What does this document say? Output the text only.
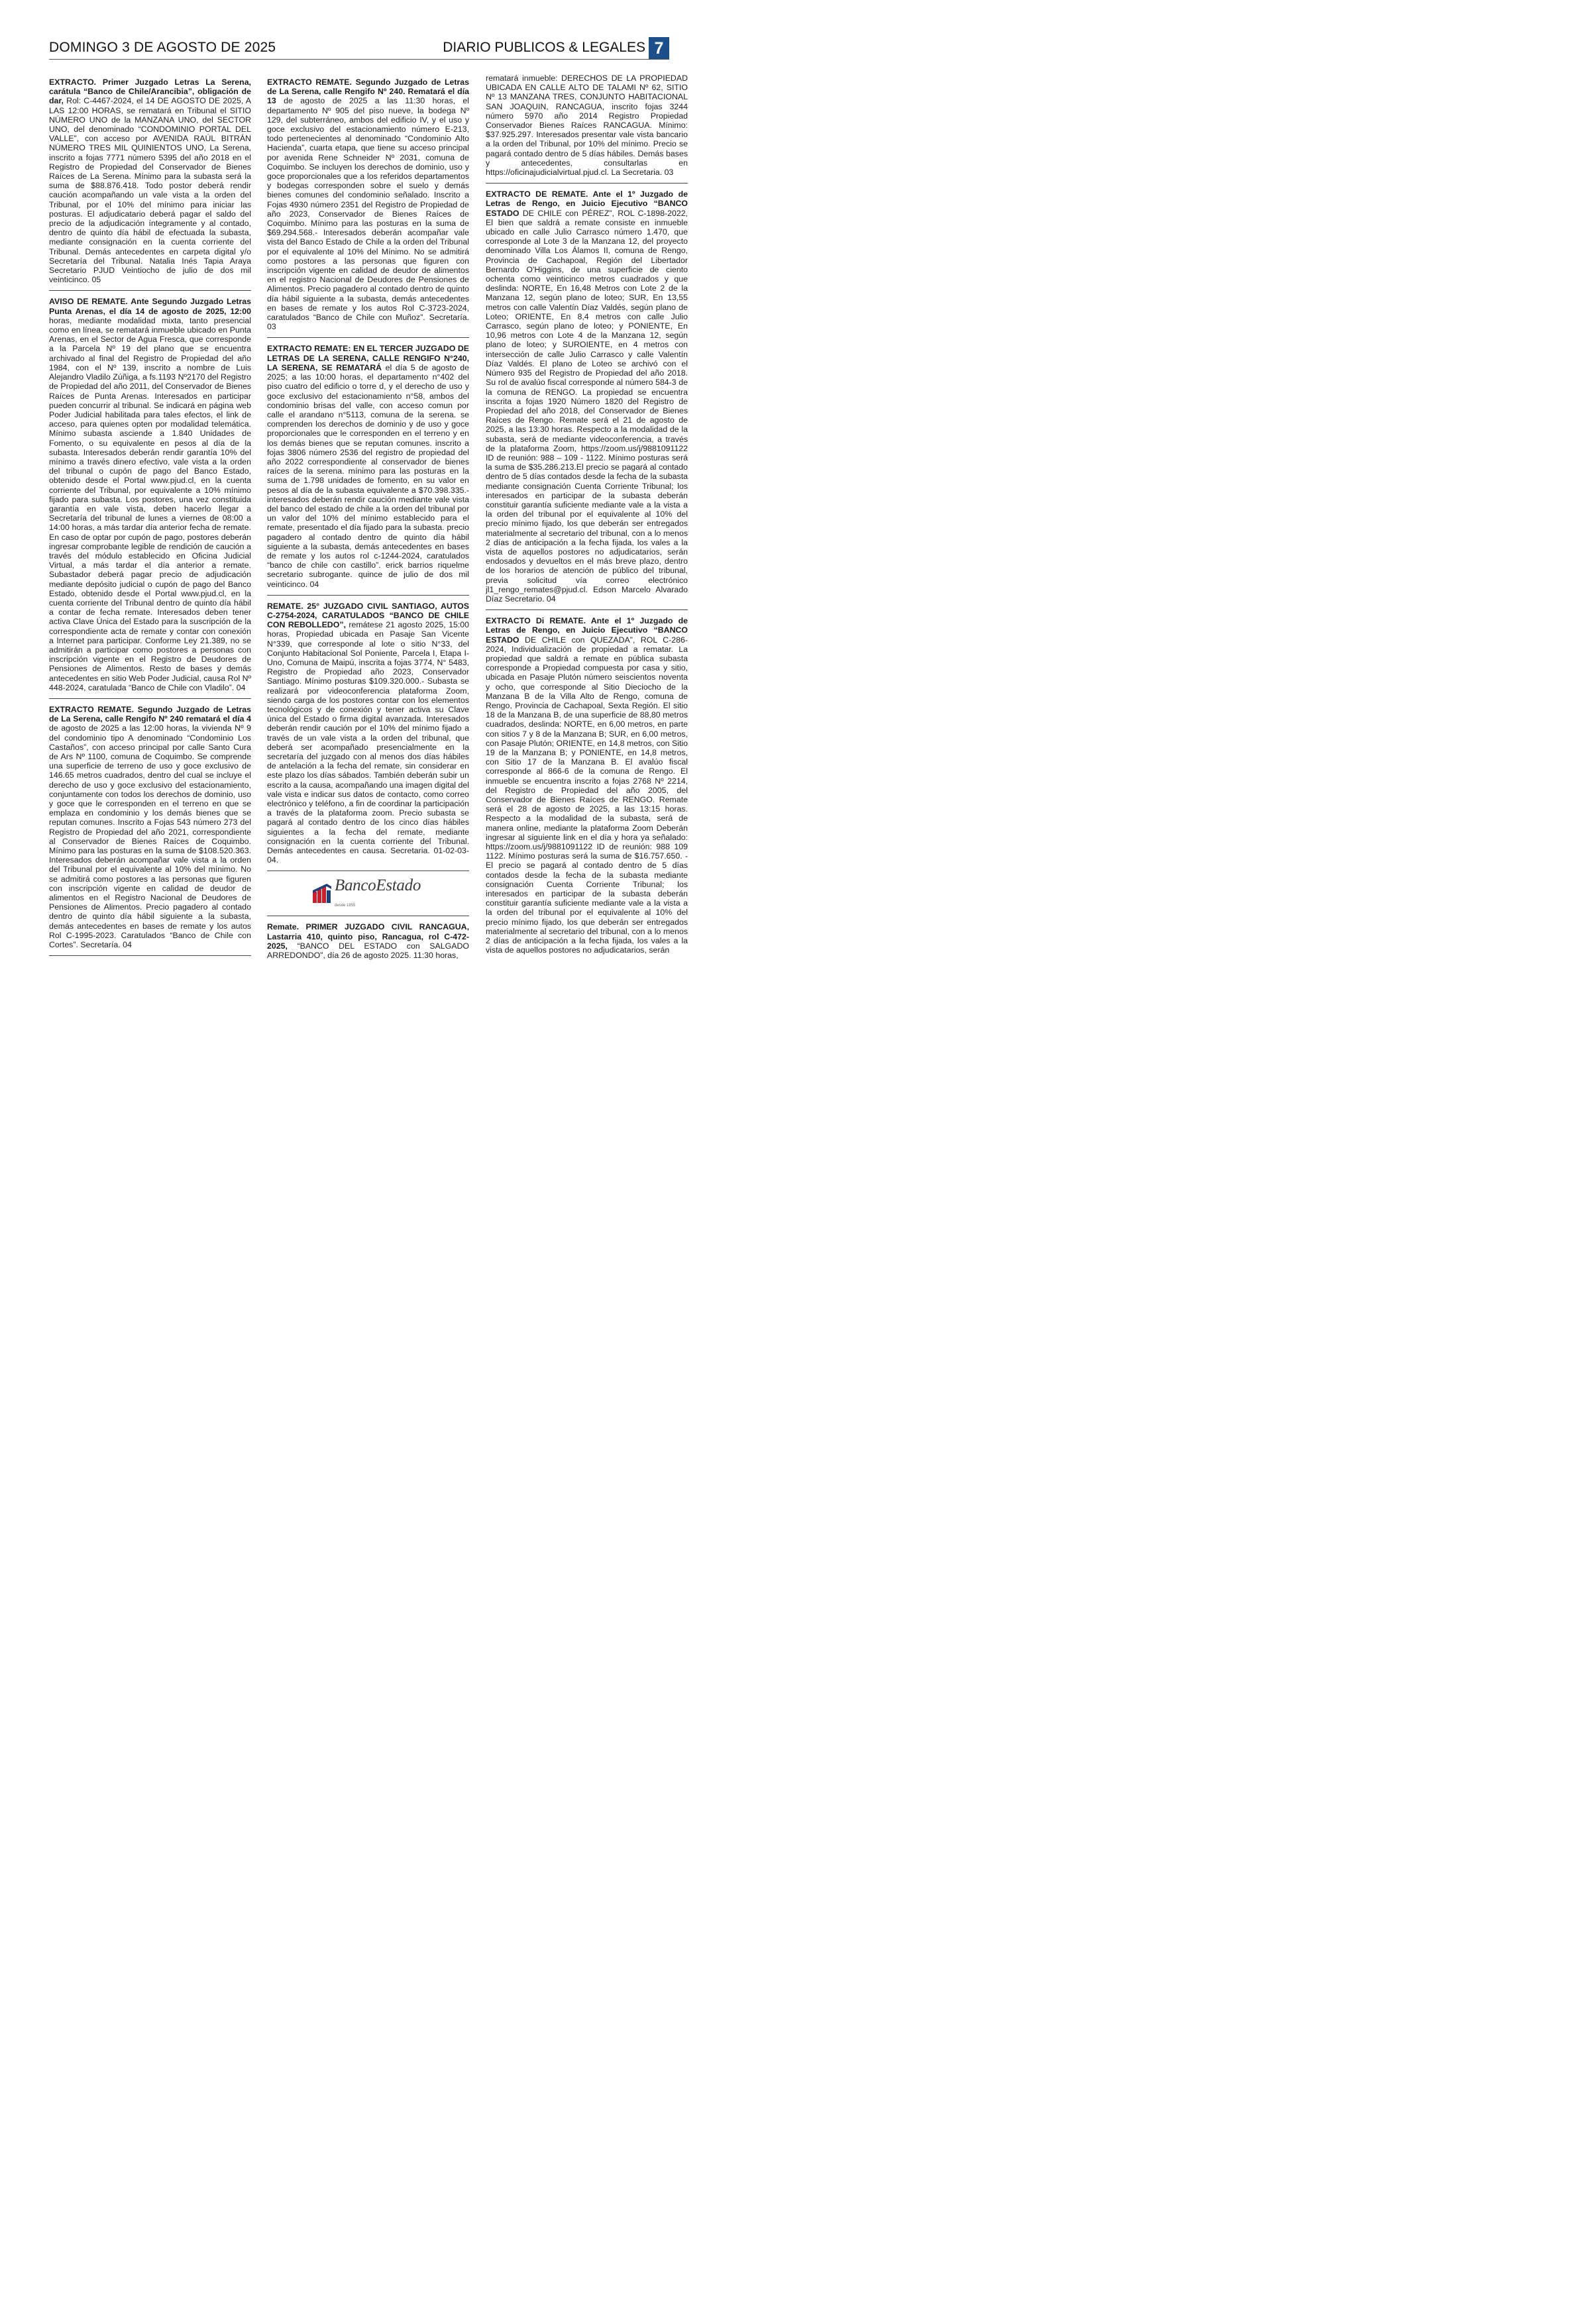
DOMINGO 3 DE AGOSTO DE 2025	DIARIO PUBLICOS & LEGALES 7

EXTRACTO. Primer Juzgado Letras La Serena, carátula “Banco de Chile/Arancibia”, obligación de dar, Rol: C-4467-2024, el 14 DE AGOSTO DE 2025, A LAS 12:00 HORAS, se rematará en Tribunal el SITIO NÚMERO UNO de la MANZANA UNO, del SECTOR UNO, del denominado “CONDOMINIO PORTAL DEL VALLE”, con acceso por AVENIDA RAÚL BITRÁN NÚMERO TRES MIL QUINIENTOS UNO, La Serena, inscrito a fojas 7771 número 5395 del año 2018 en el Registro de Propiedad del Conservador de Bienes Raíces de La Serena. Mínimo para la subasta será la suma de $88.876.418. Todo postor deberá rendir caución acompañando un vale vista a la orden del Tribunal, por el 10% del mínimo para iniciar las posturas. El adjudicatario deberá pagar el saldo del precio de la adjudicación íntegramente y al contado, dentro de quinto día hábil de efectuada la subasta, mediante consignación en la cuenta corriente del Tribunal. Demás antecedentes en carpeta digital y/o Secretaría del Tribunal. Natalia Inés Tapia Araya Secretario PJUD Veintiocho de julio de dos mil veinticinco. 05

AVISO DE REMATE. Ante Segundo Juzgado Letras Punta Arenas, el día 14 de agosto de 2025, 12:00 horas, mediante modalidad mixta, tanto presencial como en línea, se rematará inmueble ubicado en Punta Arenas, en el Sector de Agua Fresca, que corresponde a la Parcela Nº 19 del plano que se encuentra archivado al final del Registro de Propiedad del año 1984, con el Nº 139, inscrito a nombre de Luis Alejandro Vladilo Zúñiga, a fs.1193 Nº2170 del Registro de Propiedad del año 2011, del Conservador de Bienes Raíces de Punta Arenas. Interesados en participar pueden concurrir al tribunal. Se indicará en página web Poder Judicial habilitada para tales efectos, el link de acceso, para quienes opten por modalidad telemática. Mínimo subasta asciende a 1.840 Unidades de Fomento, o su equivalente en pesos al día de la subasta. Interesados deberán rendir garantía 10% del mínimo a través dinero efectivo, vale vista a la orden del tribunal o cupón de pago del Banco Estado, obtenido desde el Portal www.pjud.cl, en la cuenta corriente del Tribunal, por equivalente a 10% mínimo fijado para subasta. Los postores, una vez constituida garantía en vale vista, deben hacerlo llegar a Secretaría del tribunal de lunes a viernes de 08:00 a 14:00 horas, a más tardar día anterior fecha de remate. En caso de optar por cupón de pago, postores deberán ingresar comprobante legible de rendición de caución a través del módulo establecido en Oficina Judicial Virtual, a más tardar el día anterior a remate. Subastador deberá pagar precio de adjudicación mediante depósito judicial o cupón de pago del Banco Estado, obtenido desde el Portal www.pjud.cl, en la cuenta corriente del Tribunal dentro de quinto día hábil a contar de fecha remate. Interesados deben tener activa Clave Única del Estado para la suscripción de la correspondiente acta de remate y contar con conexión a Internet para participar. Conforme Ley 21.389, no se admitirán a participar como postores a personas con inscripción vigente en el Registro de Deudores de Pensiones de Alimentos. Resto de bases y demás antecedentes en sitio Web Poder Judicial, causa Rol Nº 448-2024, caratulada “Banco de Chile con Vladilo”. 04

EXTRACTO REMATE. Segundo Juzgado de Letras de La Serena, calle Rengifo Nº 240 rematará el día 4 de agosto de 2025 a las 12:00 horas, la vivienda Nº 9 del condominio tipo A denominado “Condominio Los Castaños”, con acceso principal por calle Santo Cura de Ars Nº 1100, comuna de Coquimbo. Se comprende una superficie de terreno de uso y goce exclusivo de 146.65 metros cuadrados, dentro del cual se incluye el derecho de uso y goce exclusivo del estacionamiento, conjuntamente con todos los derechos de dominio, uso y goce que le corresponden en el terreno en que se emplaza en condominio y los demás bienes que se reputan comunes. Inscrito a Fojas 543 número 273 del Registro de Propiedad del año 2021, correspondiente al Conservador de Bienes Raíces de Coquimbo. Mínimo para las posturas en la suma de $108.520.363. Interesados deberán acompañar vale vista a la orden del Tribunal por el equivalente al 10% del mínimo. No se admitirá como postores a las personas que figuren con inscripción vigente en calidad de deudor de alimentos en el Registro Nacional de Deudores de Pensiones de Alimentos. Precio pagadero al contado dentro de quinto día hábil siguiente a la subasta, demás antecedentes en bases de remate y los autos Rol C-1995-2023. Caratulados “Banco de Chile con Cortes”. Secretaría. 04

EXTRACTO REMATE. Segundo Juzgado de Letras de La Serena, calle Rengifo Nº 240. Rematará el día 13 de agosto de 2025 a las 11:30 horas, el departamento Nº 905 del piso nueve, la bodega Nº 129, del subterráneo, ambos del edificio IV, y el uso y goce exclusivo del estacionamiento número E-213, todo pertenecientes al denominado “Condominio Alto Hacienda”, cuarta etapa, que tiene su acceso principal por avenida Rene Schneider Nº 2031, comuna de Coquimbo. Se incluyen los derechos de dominio, uso y goce proporcionales que a los referidos departamentos y bodegas corresponden sobre el suelo y demás bienes comunes del condominio señalado. Inscrito a Fojas 4930 número 2351 del Registro de Propiedad de año 2023, Conservador de Bienes Raíces de Coquimbo. Mínimo para las posturas en la suma de $69.294.568.- Interesados deberán acompañar vale vista del Banco Estado de Chile a la orden del Tribunal por el equivalente al 10% del Mínimo. No se admitirá como postores a las personas que figuren con inscripción vigente en calidad de deudor de alimentos en el registro Nacional de Deudores de Pensiones de Alimentos. Precio pagadero al contado dentro de quinto día hábil siguiente a la subasta, demás antecedentes en bases de remate y los autos Rol C-3723-2024, caratulados “Banco de Chile con Muñoz”. Secretaría. 03

EXTRACTO REMATE: EN EL TERCER JUZGADO DE LETRAS DE LA SERENA, CALLE RENGIFO N°240, LA SERENA, SE REMATARÁ el día 5 de agosto de 2025; a las 10:00 horas, el departamento n°402 del piso cuatro del edificio o torre d, y el derecho de uso y goce exclusivo del estacionamiento n°58, ambos del condominio brisas del valle, con acceso comun por calle el arandano n°5113, comuna de la serena. se comprenden los derechos de dominio y de uso y goce proporcionales que le corresponden en el terreno y en los demás bienes que se reputan comunes. inscrito a fojas 3806 número 2536 del registro de propiedad del año 2022 correspondiente al conservador de bienes raíces de la serena. mínimo para las posturas en la suma de 1.798 unidades de fomento, en su valor en pesos al día de la subasta equivalente a $70.398.335.- interesados deberán rendir caución mediante vale vista del banco del estado de chile a la orden del tribunal por un valor del 10% del mínimo establecido para el remate, presentado el día fijado para la subasta. precio pagadero al contado dentro de quinto día hábil siguiente a la subasta, demás antecedentes en bases de remate y los autos rol c-1244-2024, caratulados “banco de chile con castillo”. erick barrios riquelme secretario subrogante. quince de julio de dos mil veinticinco. 04

REMATE. 25° JUZGADO CIVIL SANTIAGO, AUTOS C-2754-2024, CARATULADOS “BANCO DE CHILE CON REBOLLEDO”, remátese 21 agosto 2025, 15:00 horas, Propiedad ubicada en Pasaje San Vicente N°339, que corresponde al lote o sitio N°33, del Conjunto Habitacional Sol Poniente, Parcela I, Etapa I-Uno, Comuna de Maipú, inscrita a fojas 3774, N° 5483, Registro de Propiedad año 2023, Conservador Santiago. Mínimo posturas $109.320.000.- Subasta se realizará por videoconferencia plataforma Zoom, siendo carga de los postores contar con los elementos tecnológicos y de conexión y tener activa su Clave única del Estado o firma digital avanzada. Interesados deberán rendir caución por el 10% del mínimo fijado a través de un vale vista a la orden del tribunal, que deberá ser acompañado presencialmente en la secretaría del juzgado con al menos dos días hábiles de antelación a la fecha del remate, sin considerar en este plazo los días sábados. También deberán subir un escrito a la causa, acompañando una imagen digital del vale vista e indicar sus datos de contacto, como correo electrónico y teléfono, a fin de coordinar la participación a través de la plataforma zoom. Precio subasta se pagará al contado dentro de los cinco días hábiles siguientes a la fecha del remate, mediante consignación en la cuenta corriente del Tribunal. Demás antecedentes en causa. Secretaria. 01-02-03-04.

BancoEstado
desde 1855

Remate. PRIMER JUZGADO CIVIL RANCAGUA, Lastarria 410, quinto piso, Rancagua, rol C-472-2025, “BANCO DEL ESTADO con SALGADO ARREDONDO”, día 26 de agosto 2025. 11:30 horas,

rematará inmueble: DERECHOS DE LA PROPIEDAD UBICADA EN CALLE ALTO DE TALAMI Nº 62, SITIO Nº 13 MANZANA TRES, CONJUNTO HABITACIONAL SAN JOAQUIN, RANCAGUA, inscrito fojas 3244 número 5970 año 2014 Registro Propiedad Conservador Bienes Raíces RANCAGUA. Mínimo: $37.925.297. Interesados presentar vale vista bancario a la orden del Tribunal, por 10% del mínimo. Precio se pagará contado dentro de 5 días hábiles. Demás bases y antecedentes, consultarlas en https://oficinajudicialvirtual.pjud.cl. La Secretaria. 03

EXTRACTO DE REMATE. Ante el 1º Juzgado de Letras de Rengo, en Juicio Ejecutivo “BANCO ESTADO DE CHILE con PÉREZ”, ROL C-1898-2022, El bien que saldrá a remate consiste en inmueble ubicado en calle Julio Carrasco número 1.470, que corresponde al Lote 3 de la Manzana 12, del proyecto denominado Villa Los Álamos II, comuna de Rengo, Provincia de Cachapoal, Región del Libertador Bernardo O'Higgins, de una superficie de ciento ochenta como veinticinco metros cuadrados y que deslinda: NORTE, En 16,48 Metros con Lote 2 de la Manzana 12, según plano de loteo; SUR, En 13,55 metros con calle Valentín Díaz Valdés, según plano de Loteo; ORIENTE, En 8,4 metros con calle Julio Carrasco, según plano de loteo; y PONIENTE, En 10,96 metros con Lote 4 de la Manzana 12, según plano de loteo; y SUROIENTE, en 4 metros con intersección de calle Julio Carrasco y calle Valentín Díaz Valdés. El plano de Loteo se archivó con el Número 935 del Registro de Propiedad del año 2018. Su rol de avalúo fiscal corresponde al número 584-3 de la comuna de RENGO. La propiedad se encuentra inscrita a fojas 1920 Número 1820 del Registro de Propiedad del año 2018, del Conservador de Bienes Raíces de Rengo. Remate será el 21 de agosto de 2025, a las 13:30 horas. Respecto a la modalidad de la subasta, será de mediante videoconferencia, a través de la plataforma Zoom, https://zoom.us/j/9881091122 ID de reunión: 988 – 109 - 1122. Mínimo posturas será la suma de $35.286.213.El precio se pagará al contado dentro de 5 días contados desde la fecha de la subasta mediante consignación Cuenta Corriente Tribunal; los interesados en participar de la subasta deberán constituir garantía suficiente mediante vale a la vista a la orden del tribunal por el equivalente al 10% del precio mínimo fijado, los que deberán ser entregados materialmente al secretario del tribunal, con a lo menos 2 días de anticipación a la fecha fijada, los vales a la vista de aquellos postores no adjudicatarios, serán endosados y devueltos en el más breve plazo, dentro de los horarios de atención de público del tribunal, previa solicitud vía correo electrónico jl1_rengo_remates@pjud.cl. Edson Marcelo Alvarado Díaz Secretario. 04

EXTRACTO Di REMATE. Ante el 1º Juzgado de Letras de Rengo, en Juicio Ejecutivo “BANCO ESTADO DE CHILE con QUEZADA”, ROL C-286-2024, Individualización de propiedad a rematar. La propiedad que saldrá a remate en pública subasta corresponde a Propiedad compuesta por casa y sitio, ubicada en Pasaje Plutón número seiscientos noventa y ocho, que corresponde al Sitio Dieciocho de la Manzana B de la Villa Alto de Rengo, comuna de Rengo, Provincia de Cachapoal, Sexta Región. El sitio 18 de la Manzana B, de una superficie de 88,80 metros cuadrados, deslinda: NORTE, en 6,00 metros, en parte con sitios 7 y 8 de la Manzana B; SUR, en 6,00 metros, con Pasaje Plutón; ORIENTE, en 14,8 metros, con Sitio 19 de la Manzana B; y PONIENTE, en 14,8 metros, con Sitio 17 de la Manzana B. El avalúo fiscal corresponde al 866-6 de la comuna de Rengo. El inmueble se encuentra inscrito a fojas 2768 Nº 2214, del Registro de Propiedad del año 2005, del Conservador de Bienes Raíces de RENGO. Remate será el 28 de agosto de 2025, a las 13:15 horas. Respecto a la modalidad de la subasta, será de manera online, mediante la plataforma Zoom Deberán ingresar al siguiente link en el día y hora ya señalado: https://zoom.us/j/9881091122 ID de reunión: 988 109 1122. Mínimo posturas será la suma de $16.757.650. - El precio se pagará al contado dentro de 5 días contados desde la fecha de la subasta mediante consignación Cuenta Corriente Tribunal; los interesados en participar de la subasta deberán constituir garantía suficiente mediante vale a la vista a la orden del tribunal por el equivalente al 10% del precio mínimo fijado, los que deberán ser entregados materialmente al secretario del tribunal, con a lo menos 2 días de anticipación a la fecha fijada, los vales a la vista de aquellos postores no adjudicatarios, serán
